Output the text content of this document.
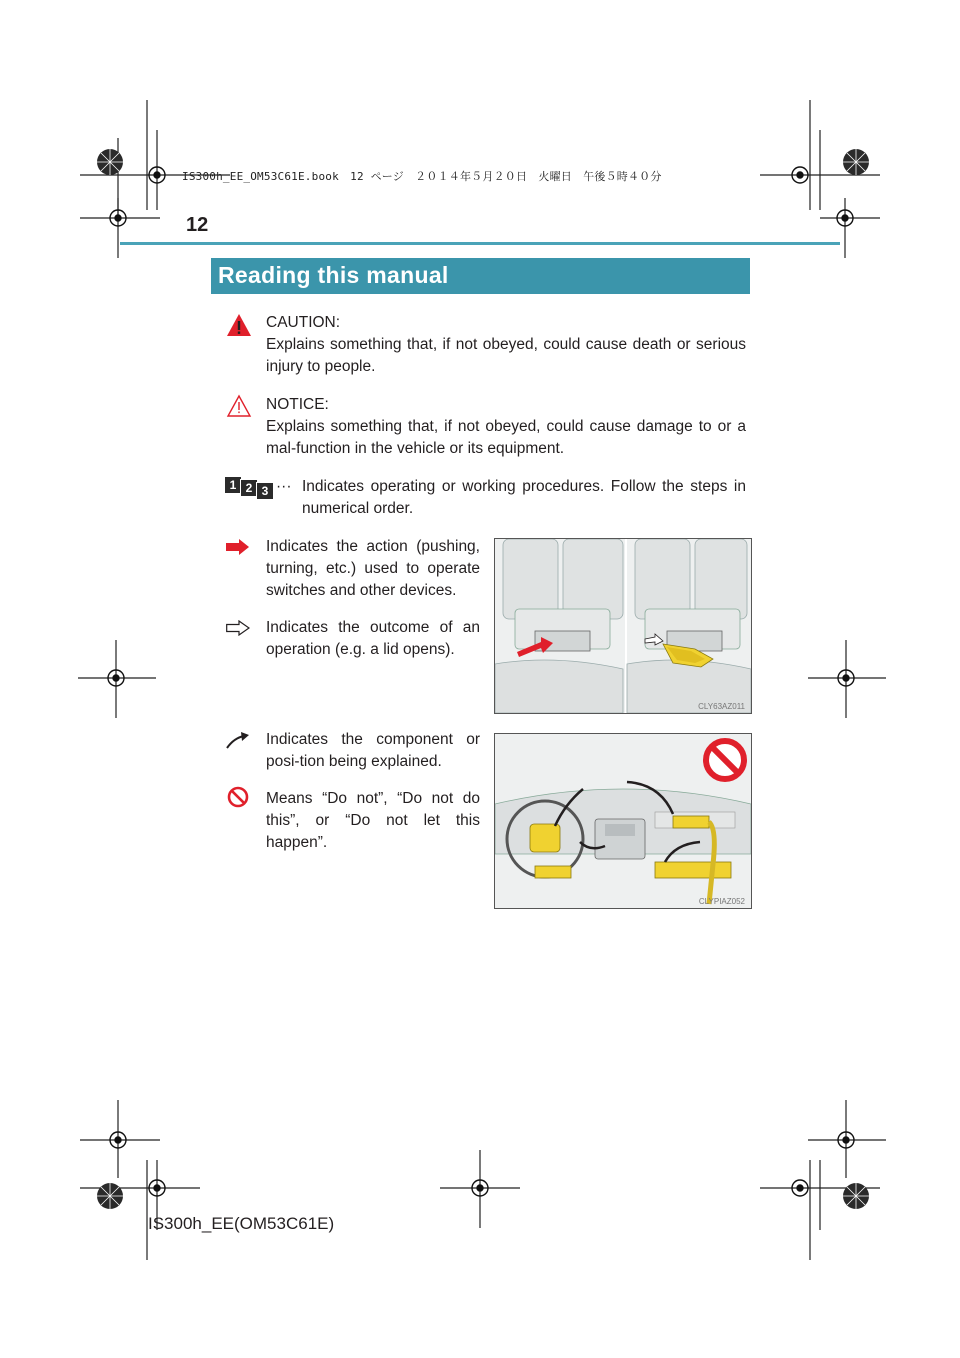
IS300h_EE_OM53C61E.book　12 ページ　２０１４年５月２０日　火曜日　午後５時４０分
12
Reading this manual
CAUTION:
Explains something that, if not obeyed, could cause death or serious injury to people.
NOTICE:
Explains something that, if not obeyed, could cause damage to or a mal-function in the vehicle or its equipment.
1 2 3 ··· Indicates operating or working procedures. Follow the steps in numerical order.
Indicates the action (pushing, turning, etc.) used to operate switches and other devices.
Indicates the outcome of an operation (e.g. a lid opens).
CLY63AZ011
Indicates the component or posi-tion being explained.
Means “Do not”, “Do not do this”, or “Do not let this happen”.
CLYPIAZ052
IS300h_EE(OM53C61E)
